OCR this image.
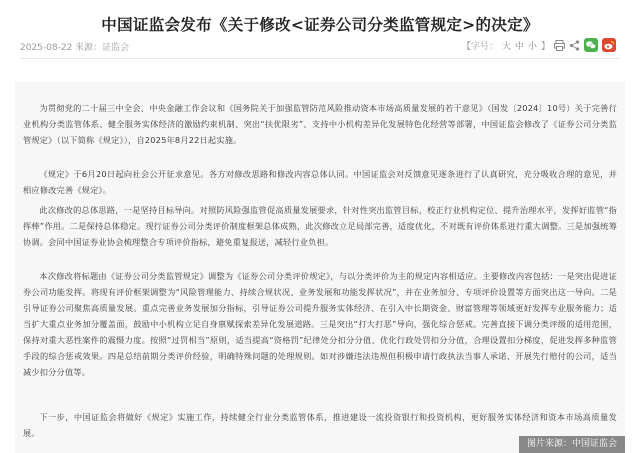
中国证监会发布《关于修改<证券公司分类监管规定>的决定》
2025-08-22 来源：证监会	【字号： 大 中 小 】

为贯彻党的二十届三中全会、中央金融工作会议和《国务院关于加强监管防范风险推动资本市场高质量发展的若干意见》（国发〔2024〕10号）关于完善行业机构分类监管体系、健全服务实体经济的激励约束机制、突出“扶优限劣”、支持中小机构差异化发展特色化经营等部署，中国证监会修改了《证券公司分类监管规定》（以下简称《规定》），自2025年8月22日起实施。

《规定》于6月20日起向社会公开征求意见。各方对修改思路和修改内容总体认同。中国证监会对反馈意见逐条进行了认真研究，充分吸收合理的意见，并相应修改完善《规定》。

此次修改的总体思路，一是坚持目标导向。对照防风险强监管促高质量发展要求，针对性突出监管目标，校正行业机构定位、提升治理水平，发挥好监管“指挥棒”作用。二是保持总体稳定。现行证券公司分类评价制度框架总体成熟，此次修改立足局部完善，适度优化，不对既有评价体系进行重大调整。三是加强统筹协调。会同中国证券业协会梳理整合专项评价指标，避免重复报送，减轻行业负担。

本次修改将标题由《证券公司分类监管规定》调整为《证券公司分类评价规定》，与以分类评价为主的规定内容相适应。主要修改内容包括：一是突出促进证券公司功能发挥。将现有评价框架调整为“风险管理能力、持续合规状况、业务发展和功能发挥状况”，并在业务加分、专项评价设置等方面突出这一导向。二是引导证券公司聚焦高质量发展。重点完善业务发展加分指标，引导证券公司提升服务实体经济、在引入中长期资金、财富管理等领域更好发挥专业服务能力；适当扩大重点业务加分覆盖面，鼓励中小机构立足自身禀赋探索差异化发展道路。三是突出“打大打恶”导向，强化综合惩戒。完善直接下调分类评级的适用范围，保持对重大恶性案件的震慑力度。按照“过罚相当”原则，适当提高“资格罚”纪律处分扣分分值、优化行政处罚扣分分值，合理设置扣分梯度，促进发挥多种监管手段的综合惩戒效果。四是总结前期分类评价经验，明确特殊问题的处理规则。如对涉嫌违法违规但积极申请行政执法当事人承诺、开展先行赔付的公司，适当减少扣分分值等。

下一步，中国证监会将做好《规定》实施工作，持续健全行业分类监管体系，推进建设一流投资银行和投资机构，更好服务实体经济和资本市场高质量发展。

图片来源：中国证监会
